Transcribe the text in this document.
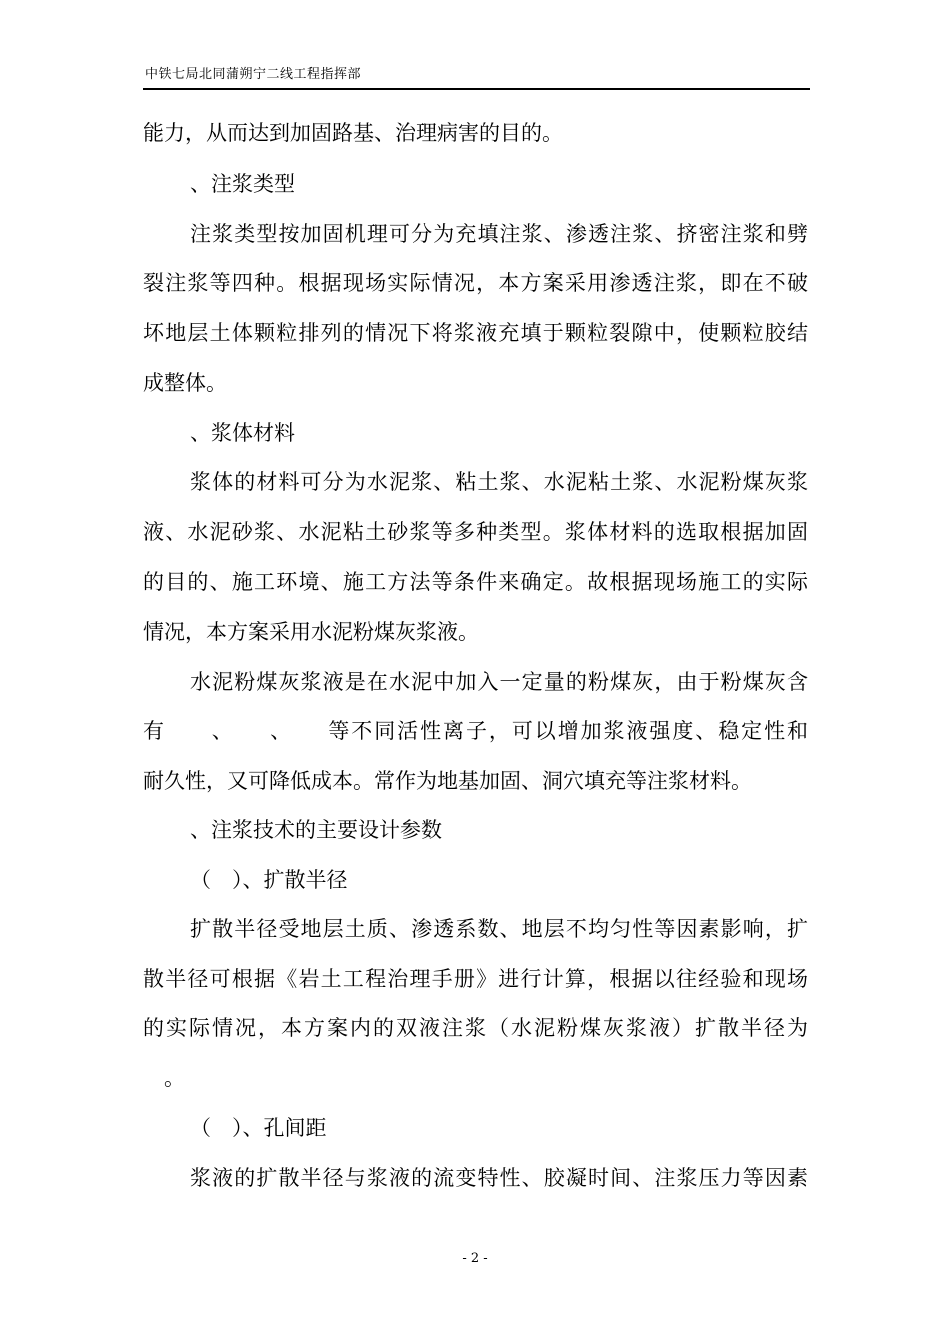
中铁七局北同蒲朔宁二线工程指挥部
能力，从而达到加固路基、治理病害的目的。
、注浆类型
注浆类型按加固机理可分为充填注浆、渗透注浆、挤密注浆和劈
裂注浆等四种。根据现场实际情况，本方案采用渗透注浆，即在不破
坏地层土体颗粒排列的情况下将浆液充填于颗粒裂隙中，使颗粒胶结
成整体。
、浆体材料
浆体的材料可分为水泥浆、粘土浆、水泥粘土浆、水泥粉煤灰浆
液、水泥砂浆、水泥粘土砂浆等多种类型。浆体材料的选取根据加固
的目的、施工环境、施工方法等条件来确定。故根据现场施工的实际
情况，本方案采用水泥粉煤灰浆液。
水泥粉煤灰浆液是在水泥中加入一定量的粉煤灰，由于粉煤灰含
有　　、　　、　　等不同活性离子，可以增加浆液强度、稳定性和
耐久性，又可降低成本。常作为地基加固、洞穴填充等注浆材料。
、注浆技术的主要设计参数
（　）、扩散半径
扩散半径受地层土质、渗透系数、地层不均匀性等因素影响，扩
散半径可根据《岩土工程治理手册》进行计算，根据以往经验和现场
的实际情况，本方案内的双液注浆（水泥粉煤灰浆液）扩散半径为
　。
（　）、孔间距
浆液的扩散半径与浆液的流变特性、胶凝时间、注浆压力等因素
- 2 -
